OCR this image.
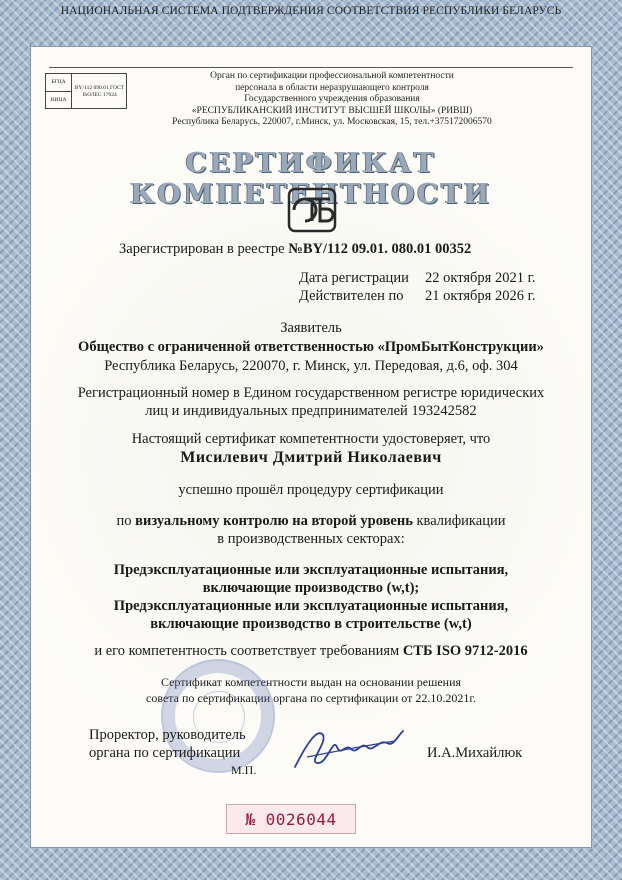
НАЦИОНАЛЬНАЯ СИСТЕМА ПОДТВЕРЖДЕНИЯ СООТВЕТСТВИЯ РЕСПУБЛИКИ БЕЛАРУСЬ
БГЦА
ВИЦА
BY/112 090.01 ГОСТ ISO/IEC 17024
Орган по сертификации профессиональной компетентности
персонала в области неразрушающего контроля
Государственного учреждения образования
«РЕСПУБЛИКАНСКИЙ ИНСТИТУТ ВЫСШЕЙ ШКОЛЫ» (РИВШ)
Республика Беларусь, 220007, г.Минск, ул. Московская, 15, тел.+375172006570
СЕРТИФИКАТ КОМПЕТЕНТНОСТИ
Зарегистрирован в реестре №BY/112 09.01. 080.01 00352
Дата регистрации	22 октября 2021 г.
Действителен по	21 октября 2026 г.
Заявитель
Общество с ограниченной ответственностью «ПромБытКонструкции»
Республика Беларусь, 220070, г. Минск, ул. Передовая, д.6, оф. 304
Регистрационный номер в Едином государственном регистре юридических
лиц и индивидуальных предпринимателей 193242582
Настоящий сертификат компетентности удостоверяет, что
Мисилевич Дмитрий Николаевич
успешно прошёл процедуру сертификации
по визуальному контролю на второй уровень квалификации
в производственных секторах:
Предэксплуатационные или эксплуатационные испытания,
включающие производство (w,t);
Предэксплуатационные или эксплуатационные испытания,
включающие производство в строительстве (w,t)
и его компетентность соответствует требованиям СТБ ISO 9712-2016
Сертификат компетентности выдан на основании решения
совета по сертификации органа по сертификации от 22.10.2021г.
Проректор, руководитель
органа по сертификации
М.П.
И.А.Михайлюк
№ 0026044
